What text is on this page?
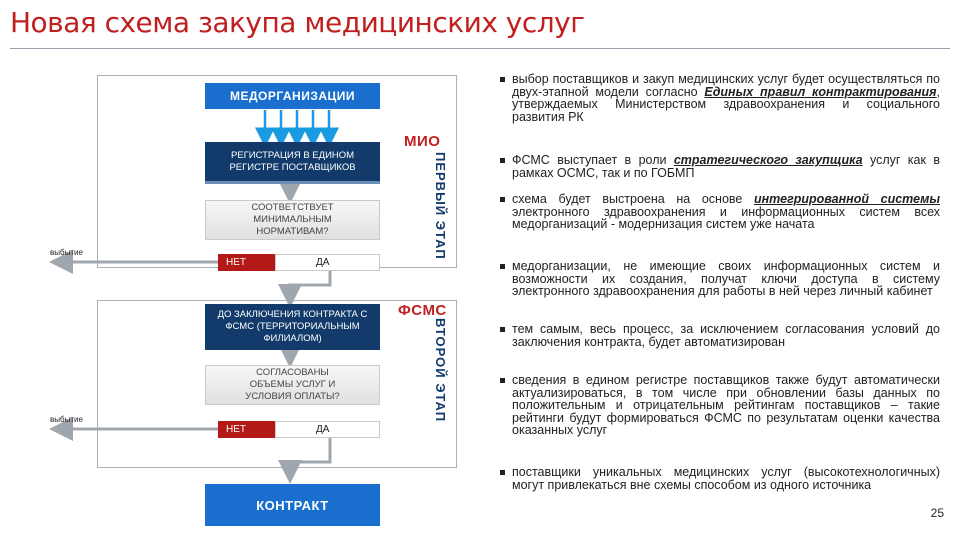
Новая схема закупа медицинских услуг
МЕДОРГАНИЗАЦИИ
МИО
ПЕРВЫЙ ЭТАП
РЕГИСТРАЦИЯ В ЕДИНОМ РЕГИСТРЕ ПОСТАВЩИКОВ
СООТВЕТСТВУЕТ МИНИМАЛЬНЫМ НОРМАТИВАМ?
выбытие
НЕТ	ДА
ФСМС
ВТОРОЙ ЭТАП
ДО ЗАКЛЮЧЕНИЯ КОНТРАКТА С ФСМС (ТЕРРИТОРИАЛЬНЫМ ФИЛИАЛОМ)
СОГЛАСОВАНЫ ОБЪЕМЫ УСЛУГ И УСЛОВИЯ ОПЛАТЫ?
выбытие
НЕТ	ДА
КОНТРАКТ
выбор поставщиков и закуп медицинских услуг будет осуществляться по двух-этапной модели согласно Единых правил контрактирования, утверждаемых Министерством здравоохранения и социального развития РК
ФСМС выступает в роли стратегического закупщика услуг как в рамках ОСМС, так и по ГОБМП
схема будет выстроена на основе интегрированной системы электронного здравоохранения и информационных систем всех медорганизаций - модернизация систем уже начата
медорганизации, не имеющие своих информационных систем и возможности их создания, получат ключи доступа в систему электронного здравоохранения для работы в ней через личный кабинет
тем самым, весь процесс, за исключением согласования условий до заключения контракта, будет автоматизирован
сведения в едином регистре поставщиков также будут автоматически актуализироваться, в том числе при обновлении базы данных по положительным и отрицательным рейтингам поставщиков – такие рейтинги будут формироваться ФСМС по результатам оценки качества оказанных услуг
поставщики уникальных медицинских услуг (высокотехнологичных) могут привлекаться вне схемы способом из одного источника
25
